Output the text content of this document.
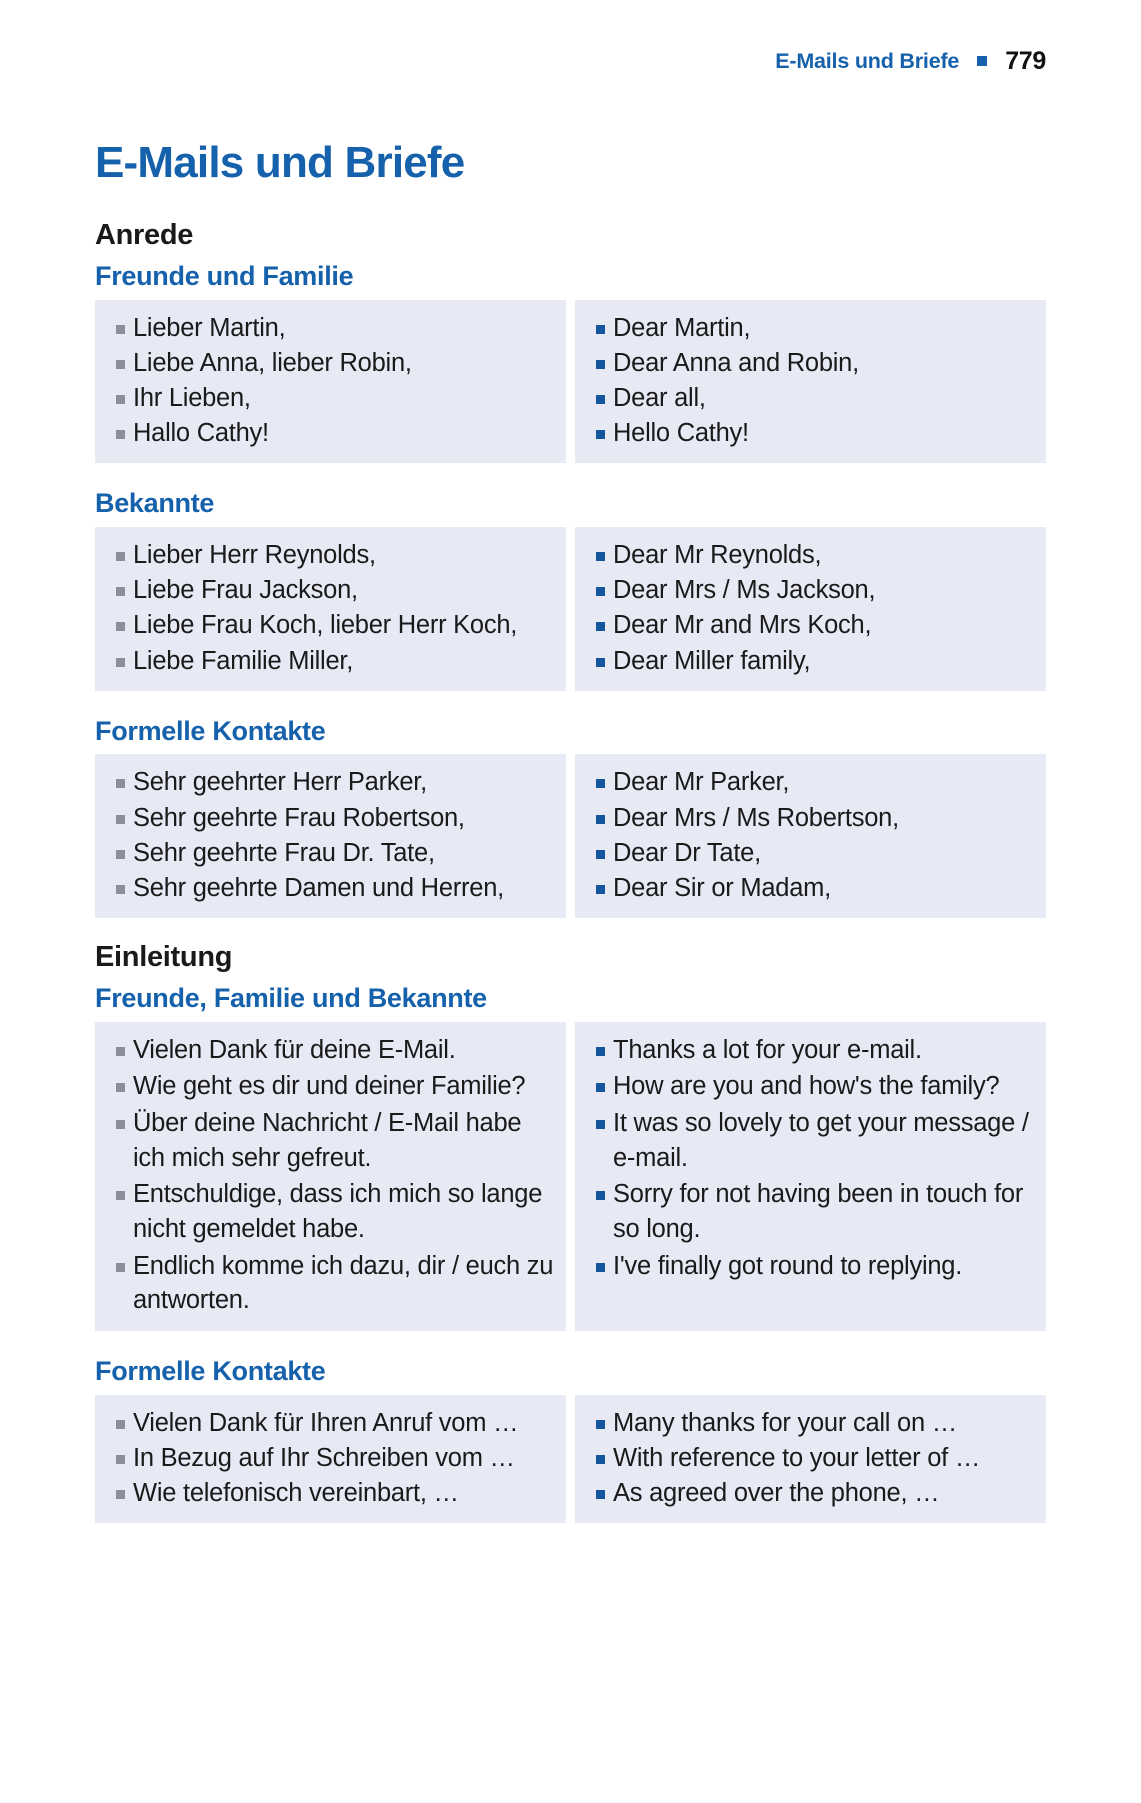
E-Mails und Briefe 779
E-Mails und Briefe
Anrede
Freunde und Familie
Lieber Martin,
Liebe Anna, lieber Robin,
Ihr Lieben,
Hallo Cathy!
Dear Martin,
Dear Anna and Robin,
Dear all,
Hello Cathy!
Bekannte
Lieber Herr Reynolds,
Liebe Frau Jackson,
Liebe Frau Koch, lieber Herr Koch,
Liebe Familie Miller,
Dear Mr Reynolds,
Dear Mrs / Ms Jackson,
Dear Mr and Mrs Koch,
Dear Miller family,
Formelle Kontakte
Sehr geehrter Herr Parker,
Sehr geehrte Frau Robertson,
Sehr geehrte Frau Dr. Tate,
Sehr geehrte Damen und Herren,
Dear Mr Parker,
Dear Mrs / Ms Robertson,
Dear Dr Tate,
Dear Sir or Madam,
Einleitung
Freunde, Familie und Bekannte
Vielen Dank für deine E-Mail.
Wie geht es dir und deiner Familie?
Über deine Nachricht / E-Mail habe ich mich sehr gefreut.
Entschuldige, dass ich mich so lange nicht gemeldet habe.
Endlich komme ich dazu, dir / euch zu antworten.
Thanks a lot for your e-mail.
How are you and how's the family?
It was so lovely to get your message / e-mail.
Sorry for not having been in touch for so long.
I've finally got round to replying.
Formelle Kontakte
Vielen Dank für Ihren Anruf vom …
In Bezug auf Ihr Schreiben vom …
Wie telefonisch vereinbart, …
Many thanks for your call on …
With reference to your letter of …
As agreed over the phone, …
